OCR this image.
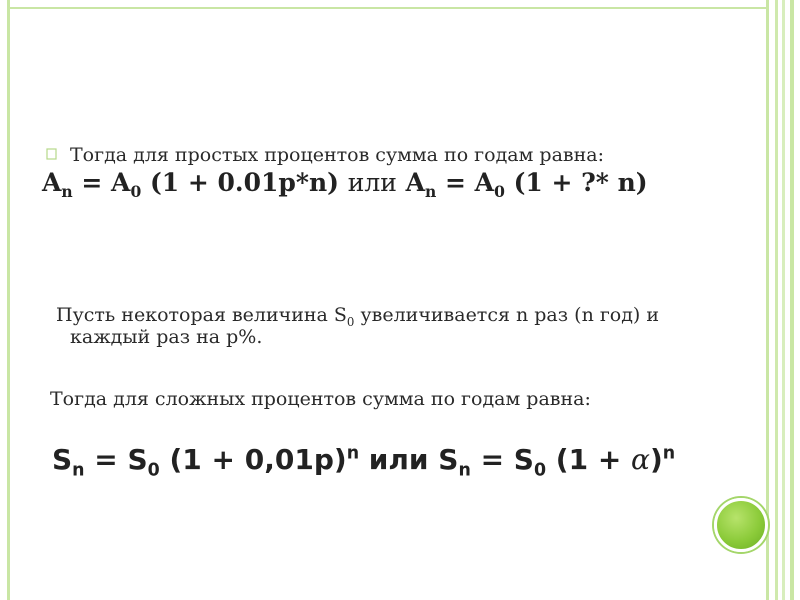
Тогда для простых процентов сумма по годам равна:
$A_n = A_0$ (1 + 0.01p*n) или $A_n = A_0$ (1 + ?* n)
Пусть некоторая величина $S_0$ увеличивается n раз (n год) и
каждый раз на p%.
Тогда для сложных процентов сумма по годам равна:
$S_n = S_0$ $(1 + 0,01p)^n$ или $S_n = S_0$ $(1 + \alpha)^n$
